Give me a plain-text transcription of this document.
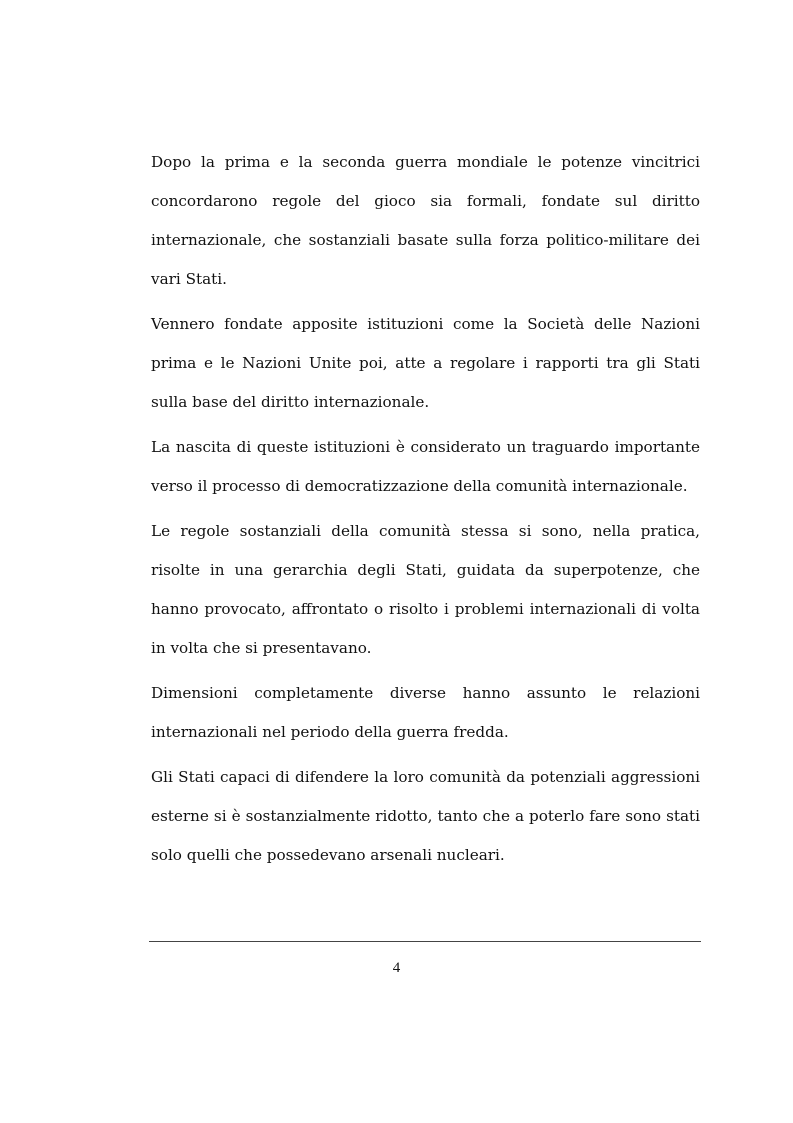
Dopo la prima e la seconda guerra mondiale le potenze vincitrici concordarono regole del gioco sia formali, fondate sul diritto internazionale, che sostanziali basate sulla forza politico-militare dei vari Stati.

Vennero fondate apposite istituzioni come la Società delle Nazioni prima e le Nazioni Unite poi, atte a regolare i rapporti tra gli Stati sulla base del diritto internazionale.

La nascita di queste istituzioni è considerato un traguardo importante verso il processo di democratizzazione della comunità internazionale.

Le regole sostanziali della comunità stessa si sono, nella pratica, risolte in una gerarchia degli Stati, guidata da superpotenze, che hanno provocato, affrontato o risolto i problemi internazionali di volta in volta che si presentavano.

Dimensioni completamente diverse hanno assunto le relazioni internazionali nel periodo della guerra fredda.

Gli Stati capaci di difendere la loro comunità da potenziali aggressioni esterne si è sostanzialmente ridotto, tanto che a poterlo fare sono stati solo quelli che possedevano arsenali nucleari.

4
